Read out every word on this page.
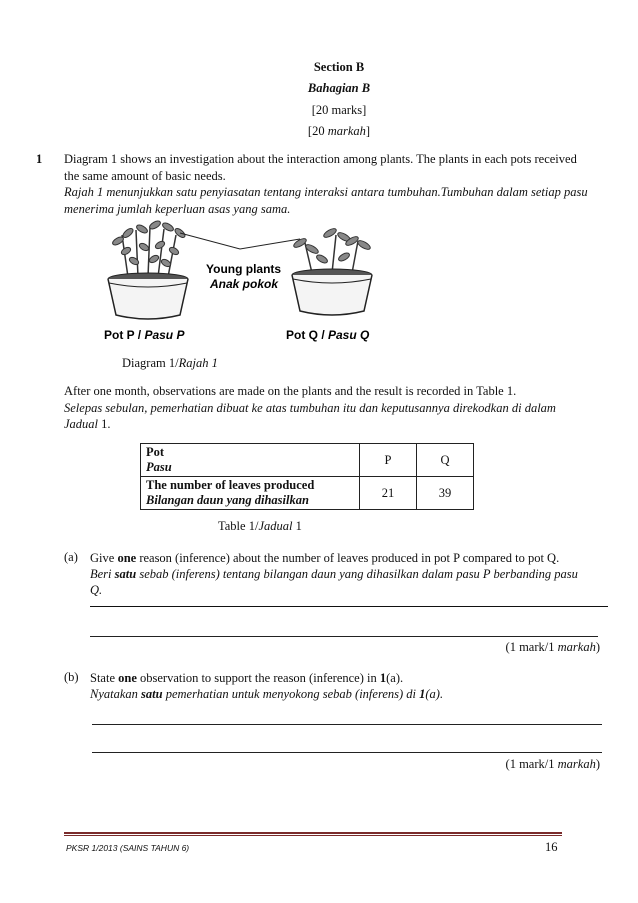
Section B
Bahagian B
[20 marks]
[20 markah]
1 Diagram 1 shows an investigation about the interaction among plants. The plants in each pots received
the same amount of basic needs.
Rajah 1 menunjukkan satu penyiasatan tentang interaksi antara tumbuhan.Tumbuhan dalam setiap pasu
menerima jumlah keperluan asas yang sama.
Young plants
Anak pokok
Pot P / Pasu P	Pot Q / Pasu Q
Diagram 1/Rajah 1
After one month, observations are made on the plants and the result is recorded in Table 1.
Selepas sebulan, pemerhatian dibuat ke atas tumbuhan itu dan keputusannya direkodkan di dalam
Jadual 1.
Pot
Pasu	P	Q

The number of leaves produced
Bilangan daun yang dihasilkan	21	39
Table 1/Jadual 1
(a) Give one reason (inference) about the number of leaves produced in pot P compared to pot Q.
Beri satu sebab (inferens) tentang bilangan daun yang dihasilkan dalam pasu P berbanding pasu
Q.
(1 mark/1 markah)
(b) State one observation to support the reason (inference) in 1(a).
Nyatakan satu pemerhatian untuk menyokong sebab (inferens) di 1(a).
(1 mark/1 markah)
PKSR 1/2013 (SAINS TAHUN 6)	16
